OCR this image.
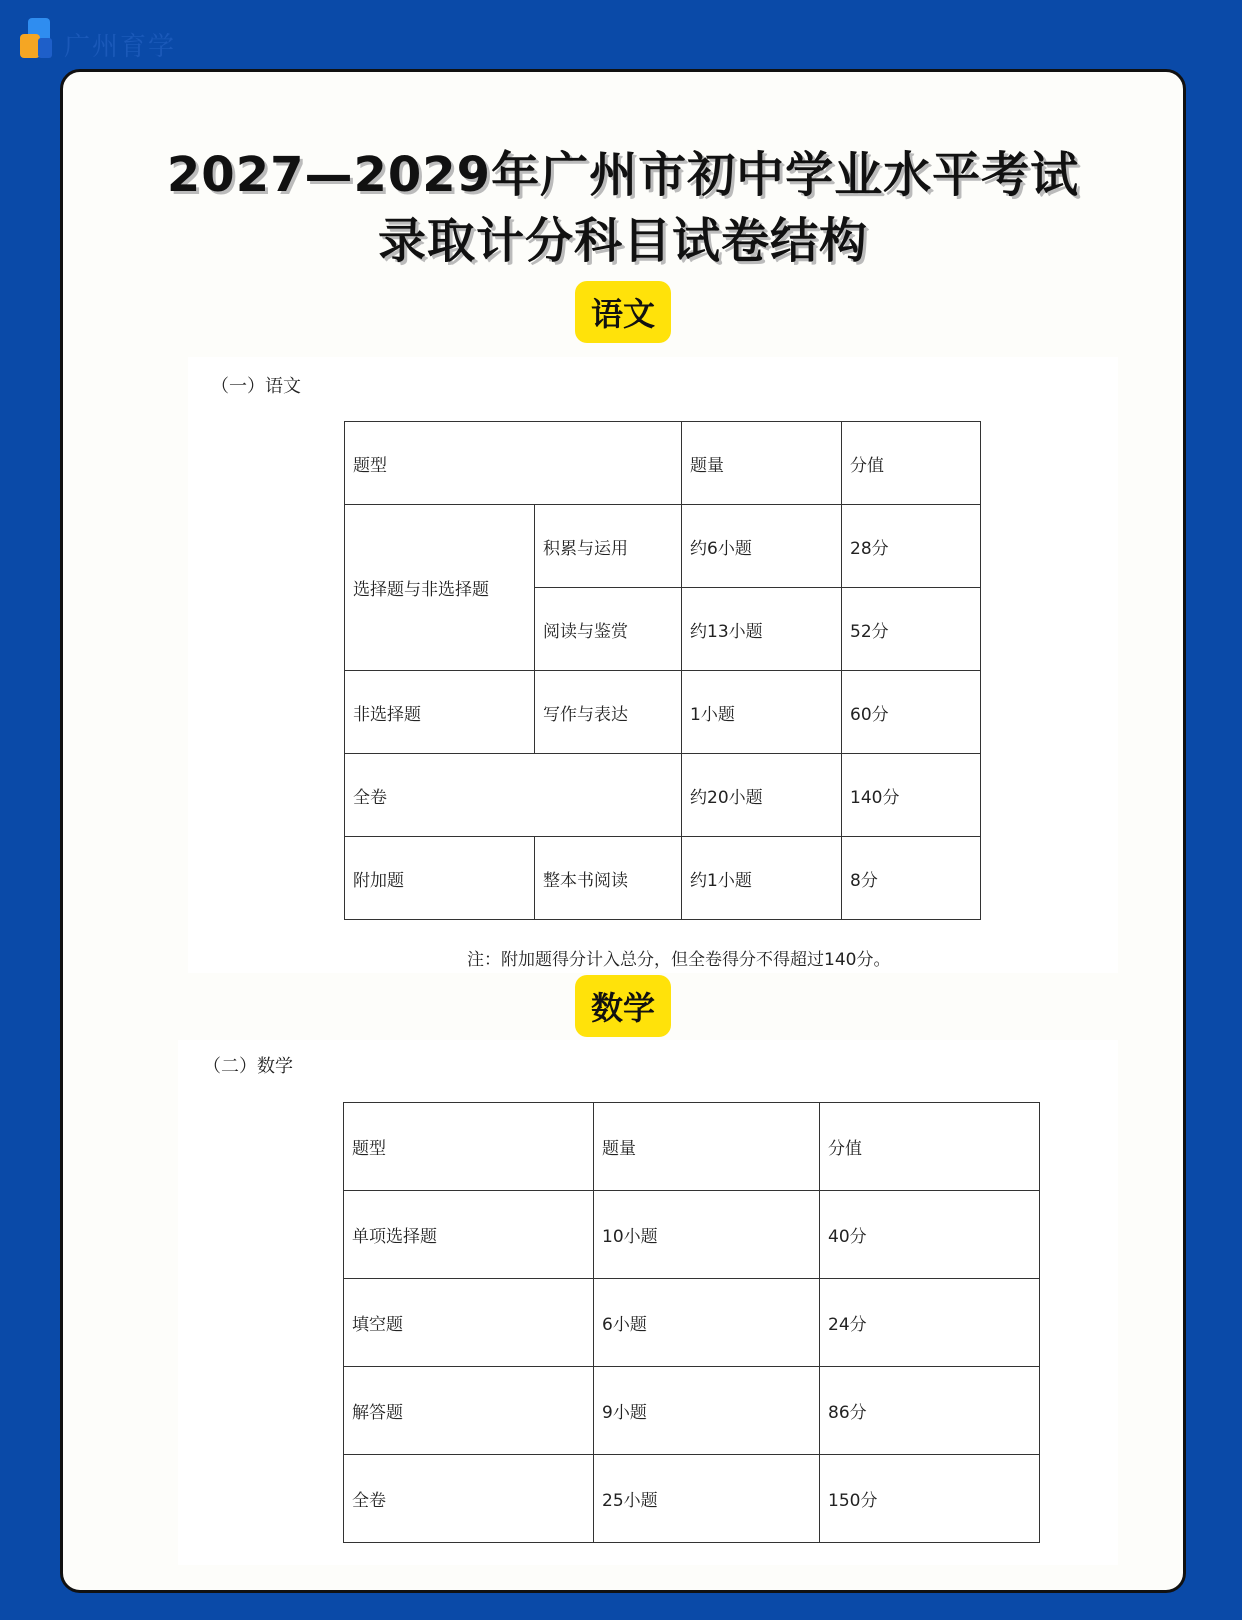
广州育学
2027—2029年广州市初中学业水平考试
录取计分科目试卷结构
语文
（一）语文
题型		题量	分值
选择题与非选择题	积累与运用	约6小题	28分
	阅读与鉴赏	约13小题	52分
非选择题	写作与表达	1小题	60分
全卷		约20小题	140分
附加题	整本书阅读	约1小题	8分
注：附加题得分计入总分，但全卷得分不得超过140分。
数学
（二）数学
题型	题量	分值
单项选择题	10小题	40分
填空题	6小题	24分
解答题	9小题	86分
全卷	25小题	150分
